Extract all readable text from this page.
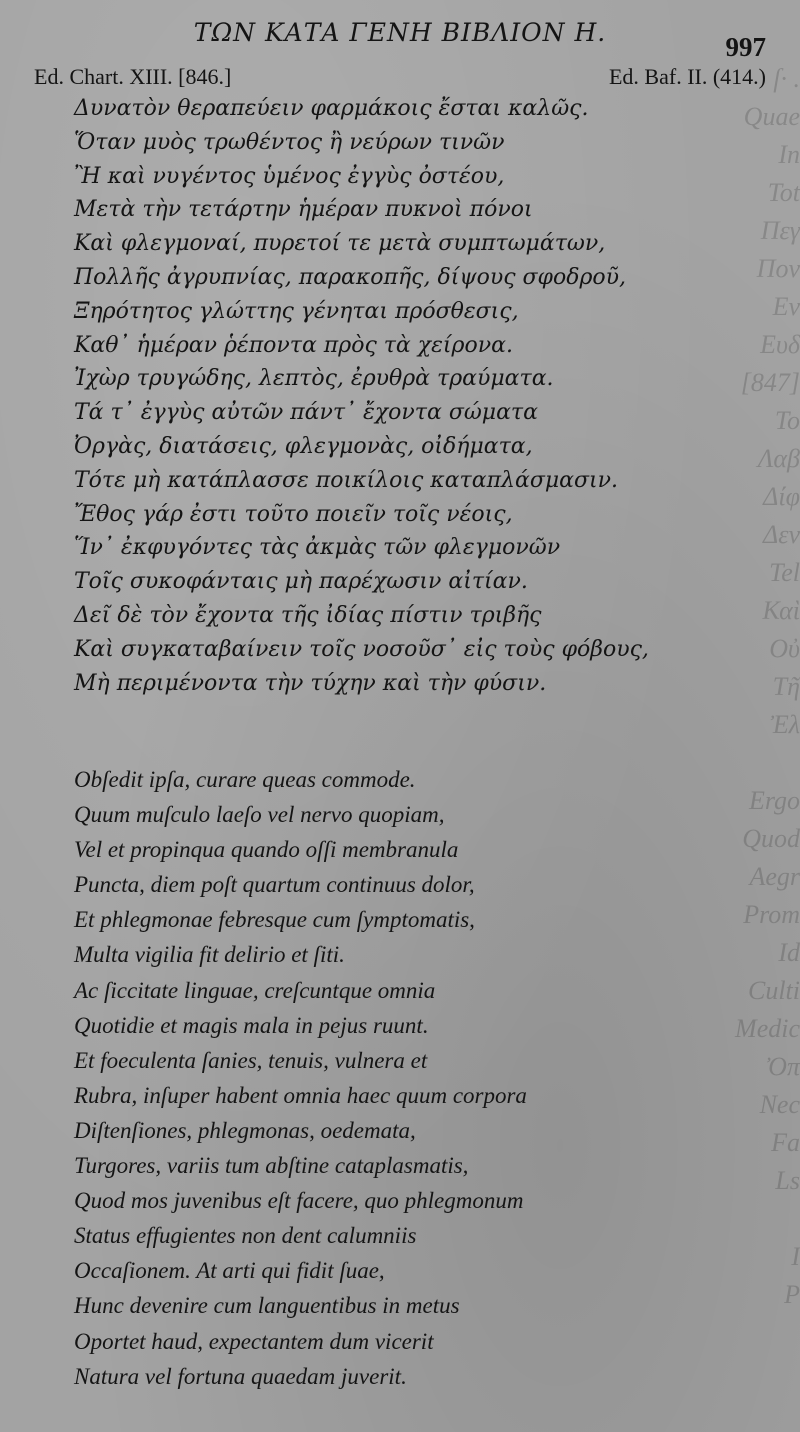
ſ· .
Quae
In
Tot
Πεγ
Πον
Ev
Ευδ
[847]
To
Λαβ
Δίφ
Δεν
Tel
Καὶ
Οὐ
Τῆ
Ἐλ

Ergo
Quod
Aegr
Prom
Id
Culti
Medic
Ὀπ
Nec
Fa
Ls

I
P
ΤΩΝ ΚΑΤΑ ΓΕΝΗ ΒΙΒΛΙΟΝ Η.	997
Ed. Chart. XIII. [846.]	Ed. Baf. II. (414.)
Δυνατὸν θεραπεύειν φαρμάκοις ἔσται καλῶς.
Ὅταν μυὸς τρωθέντος ἢ νεύρων τινῶν
Ἢ καὶ νυγέντος ὑμένος ἐγγὺς ὀστέου,
Μετὰ τὴν τετάρτην ἡμέραν πυκνοὶ πόνοι
Καὶ φλεγμοναί, πυρετοί τε μετὰ συμπτωμάτων,
Πολλῆς ἀγρυπνίας, παρακοπῆς, δίψους σφοδροῦ,
Ξηρότητος γλώττης γένηται πρόσθεσις,
Καθ᾽ ἡμέραν ῥέποντα πρὸς τὰ χείρονα.
Ἰχὼρ τρυγώδης, λεπτὸς, ἐρυθρὰ τραύματα.
Τά τ᾽ ἐγγὺς αὐτῶν πάντ᾽ ἔχοντα σώματα
Ὀργὰς, διατάσεις, φλεγμονὰς, οἰδήματα,
Τότε μὴ κατάπλασσε ποικίλοις καταπλάσμασιν.
Ἔθος γάρ ἐστι τοῦτο ποιεῖν τοῖς νέοις,
Ἵν᾽ ἐκφυγόντες τὰς ἀκμὰς τῶν φλεγμονῶν
Τοῖς συκοφάνταις μὴ παρέχωσιν αἰτίαν.
Δεῖ δὲ τὸν ἔχοντα τῆς ἰδίας πίστιν τριβῆς
Καὶ συγκαταβαίνειν τοῖς νοσοῦσ᾽ εἰς τοὺς φόβους,
Μὴ περιμένοντα τὴν τύχην καὶ τὴν φύσιν.
Obſedit ipſa, curare queas commode.
Quum muſculo laeſo vel nervo quopiam,
Vel et propinqua quando oſſi membranula
Puncta, diem poſt quartum continuus dolor,
Et phlegmonae febresque cum ſymptomatis,
Multa vigilia fit delirio et ſiti.
Ac ſiccitate linguae, creſcuntque omnia
Quotidie et magis mala in pejus ruunt.
Et foeculenta ſanies, tenuis, vulnera et
Rubra, inſuper habent omnia haec quum corpora
Diſtenſiones, phlegmonas, oedemata,
Turgores, variis tum abſtine cataplasmatis,
Quod mos juvenibus eſt facere, quo phlegmonum
Status effugientes non dent calumniis
Occaſionem. At arti qui fidit ſuae,
Hunc devenire cum languentibus in metus
Oportet haud, expectantem dum vicerit
Natura vel fortuna quaedam juverit.
